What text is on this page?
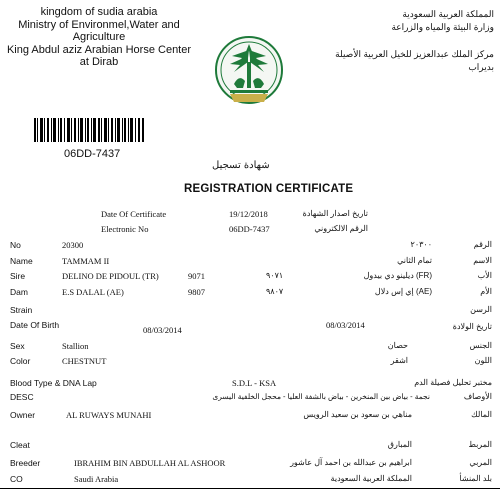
kingdom of sudia arabia
Ministry of Environmel,Water and
Agriculture
King Abdul aziz Arabian Horse Center
at Dirab
المملكة العربية السعودية
وزارة البيئة والمياه والزراعة
مركز الملك عبدالعزيز للخيل العربية الأصيلة
بديراب
06DD-7437
شهادة تسجيل
REGISTRATION CERTIFICATE
Date Of Certificate	19/12/2018	تاريخ اصدار الشهادة
Electronic No	06DD-7437	الرقم الالكتروني
No	20300	٢٠٣٠٠	الرقم
Name	TAMMAM II	تمام الثاني	الاسم
Sire	DELINO DE PIDOUL (TR)	9071	٩٠٧١	(FR) ديلينو دي بيدول	الأب
Dam	E.S DALAL (AE)	9807	٩٨٠٧	(AE) إي إس دلال	الأم
Strain	الرسن
Date Of Birth	08/03/2014	08/03/2014	تاريخ الولادة
Sex	Stallion	حصان	الجنس
Color	CHESTNUT	اشقر	اللون
Blood Type & DNA Lap	S.D.L - KSA	مختبر تحليل فصيلة الدم
DESC	نجمة - بياض بين المنخرين - بياض بالشفة العليا - محجل الخلفية اليسرى	الأوصاف
Owner	AL RUWAYS MUNAHI	مناهي بن سعود بن سعيد الرويس	المالك
Cleat	المبارق	المربط
Breeder	IBRAHIM BIN ABDULLAH AL ASHOOR	ابراهيم بن عبدالله بن احمد آل عاشور	المربي
CO	Saudi Arabia	المملكة العربية السعودية	بلد المنشأ
